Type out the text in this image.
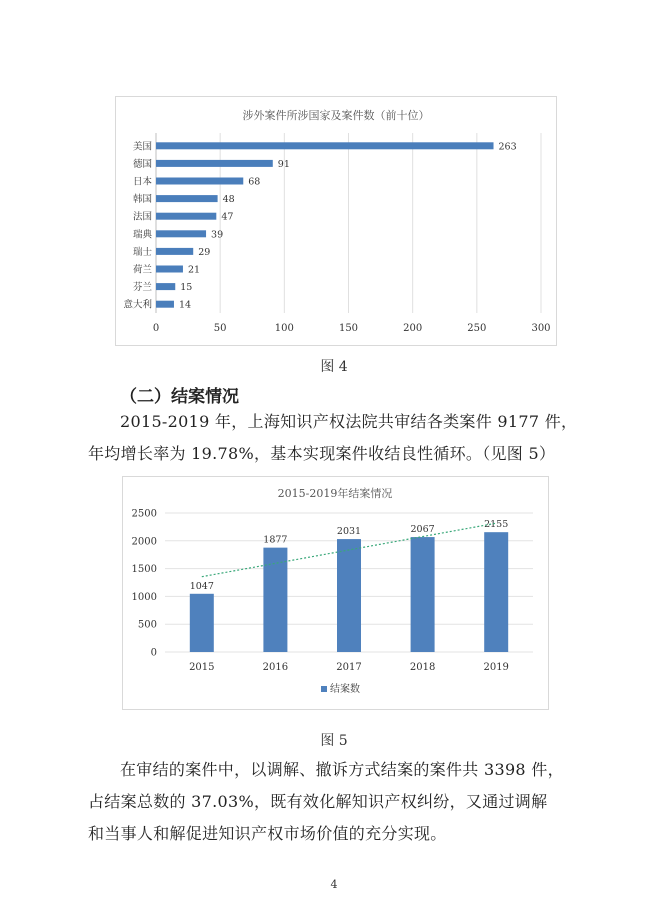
涉外案件所涉国家及案件数（前十位）
美国
德国
日本
韩国
法国
瑞典
瑞士
荷兰
芬兰
意大利
263
91
68
48
47
39
29
21
15
14
0	50	100	150	200	250	300
图 4
（二）结案情况
2015-2019 年，上海知识产权法院共审结各类案件 9177 件，
年均增长率为 19.78%，基本实现案件收结良性循环。（见图 5）
2015-2019年结案情况
1047
1877
2031	2067	2155
0
500
1000
1500
2000
2500
2015	2016	2017	2018	2019
结案数
图 5
在审结的案件中，以调解、撤诉方式结案的案件共 3398 件，
占结案总数的 37.03%，既有效化解知识产权纠纷，又通过调解
和当事人和解促进知识产权市场价值的充分实现。
4
